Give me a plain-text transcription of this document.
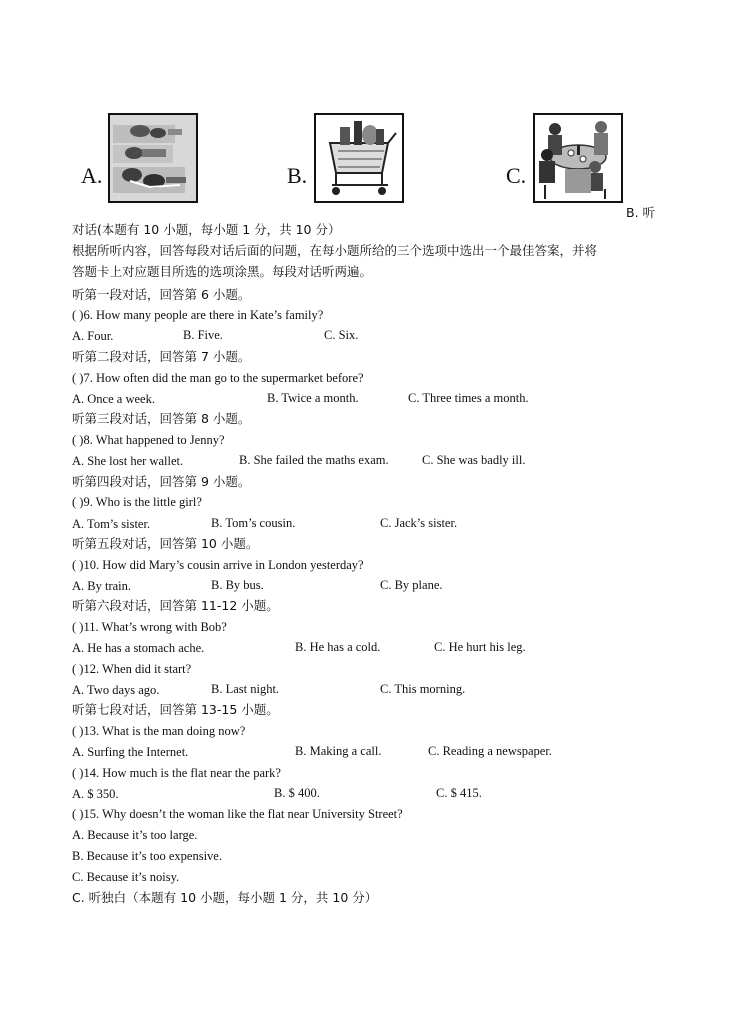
A.	B.	C.
B. 听
对话(本题有 10 小题，每小题 1 分，共 10 分）
根据所听内容，回答每段对话后面的问题，在每小题所给的三个选项中选出一个最佳答案，并将
答题卡上对应题目所选的选项涂黑。每段对话听两遍。
听第一段对话，回答第 6 小题。
( )6. How many people are there in Kate’s family?
A. Four.	B. Five.	C. Six.
听第二段对话，回答第 7 小题。
( )7. How often did the man go to the supermarket before?
A. Once a week.	B. Twice a month.	C. Three times a month.
听第三段对话，回答第 8 小题。
( )8. What happened to Jenny?
A. She lost her wallet.	B. She failed the maths exam.	C. She was badly ill.
听第四段对话，回答第 9 小题。
( )9. Who is the little girl?
A. Tom’s sister.	B. Tom’s cousin.	C. Jack’s sister.
听第五段对话，回答第 10 小题。
( )10. How did Mary’s cousin arrive in London yesterday?
A. By train.	B. By bus.	C. By plane.
听第六段对话，回答第 11-12 小题。
( )11. What’s wrong with Bob?
A. He has a stomach ache.	B. He has a cold.	C. He hurt his leg.
( )12. When did it start?
A. Two days ago.	B. Last night.	C. This morning.
听第七段对话，回答第 13-15 小题。
( )13. What is the man doing now?
A. Surfing the Internet.	B. Making a call.	C. Reading a newspaper.
( )14. How much is the flat near the park?
A. $ 350.	B. $ 400.	C. $ 415.
( )15. Why doesn’t the woman like the flat near University Street?
A. Because it’s too large.
B. Because it’s too expensive.
C. Because it’s noisy.
C. 听独白（本题有 10 小题，每小题 1 分，共 10 分）
